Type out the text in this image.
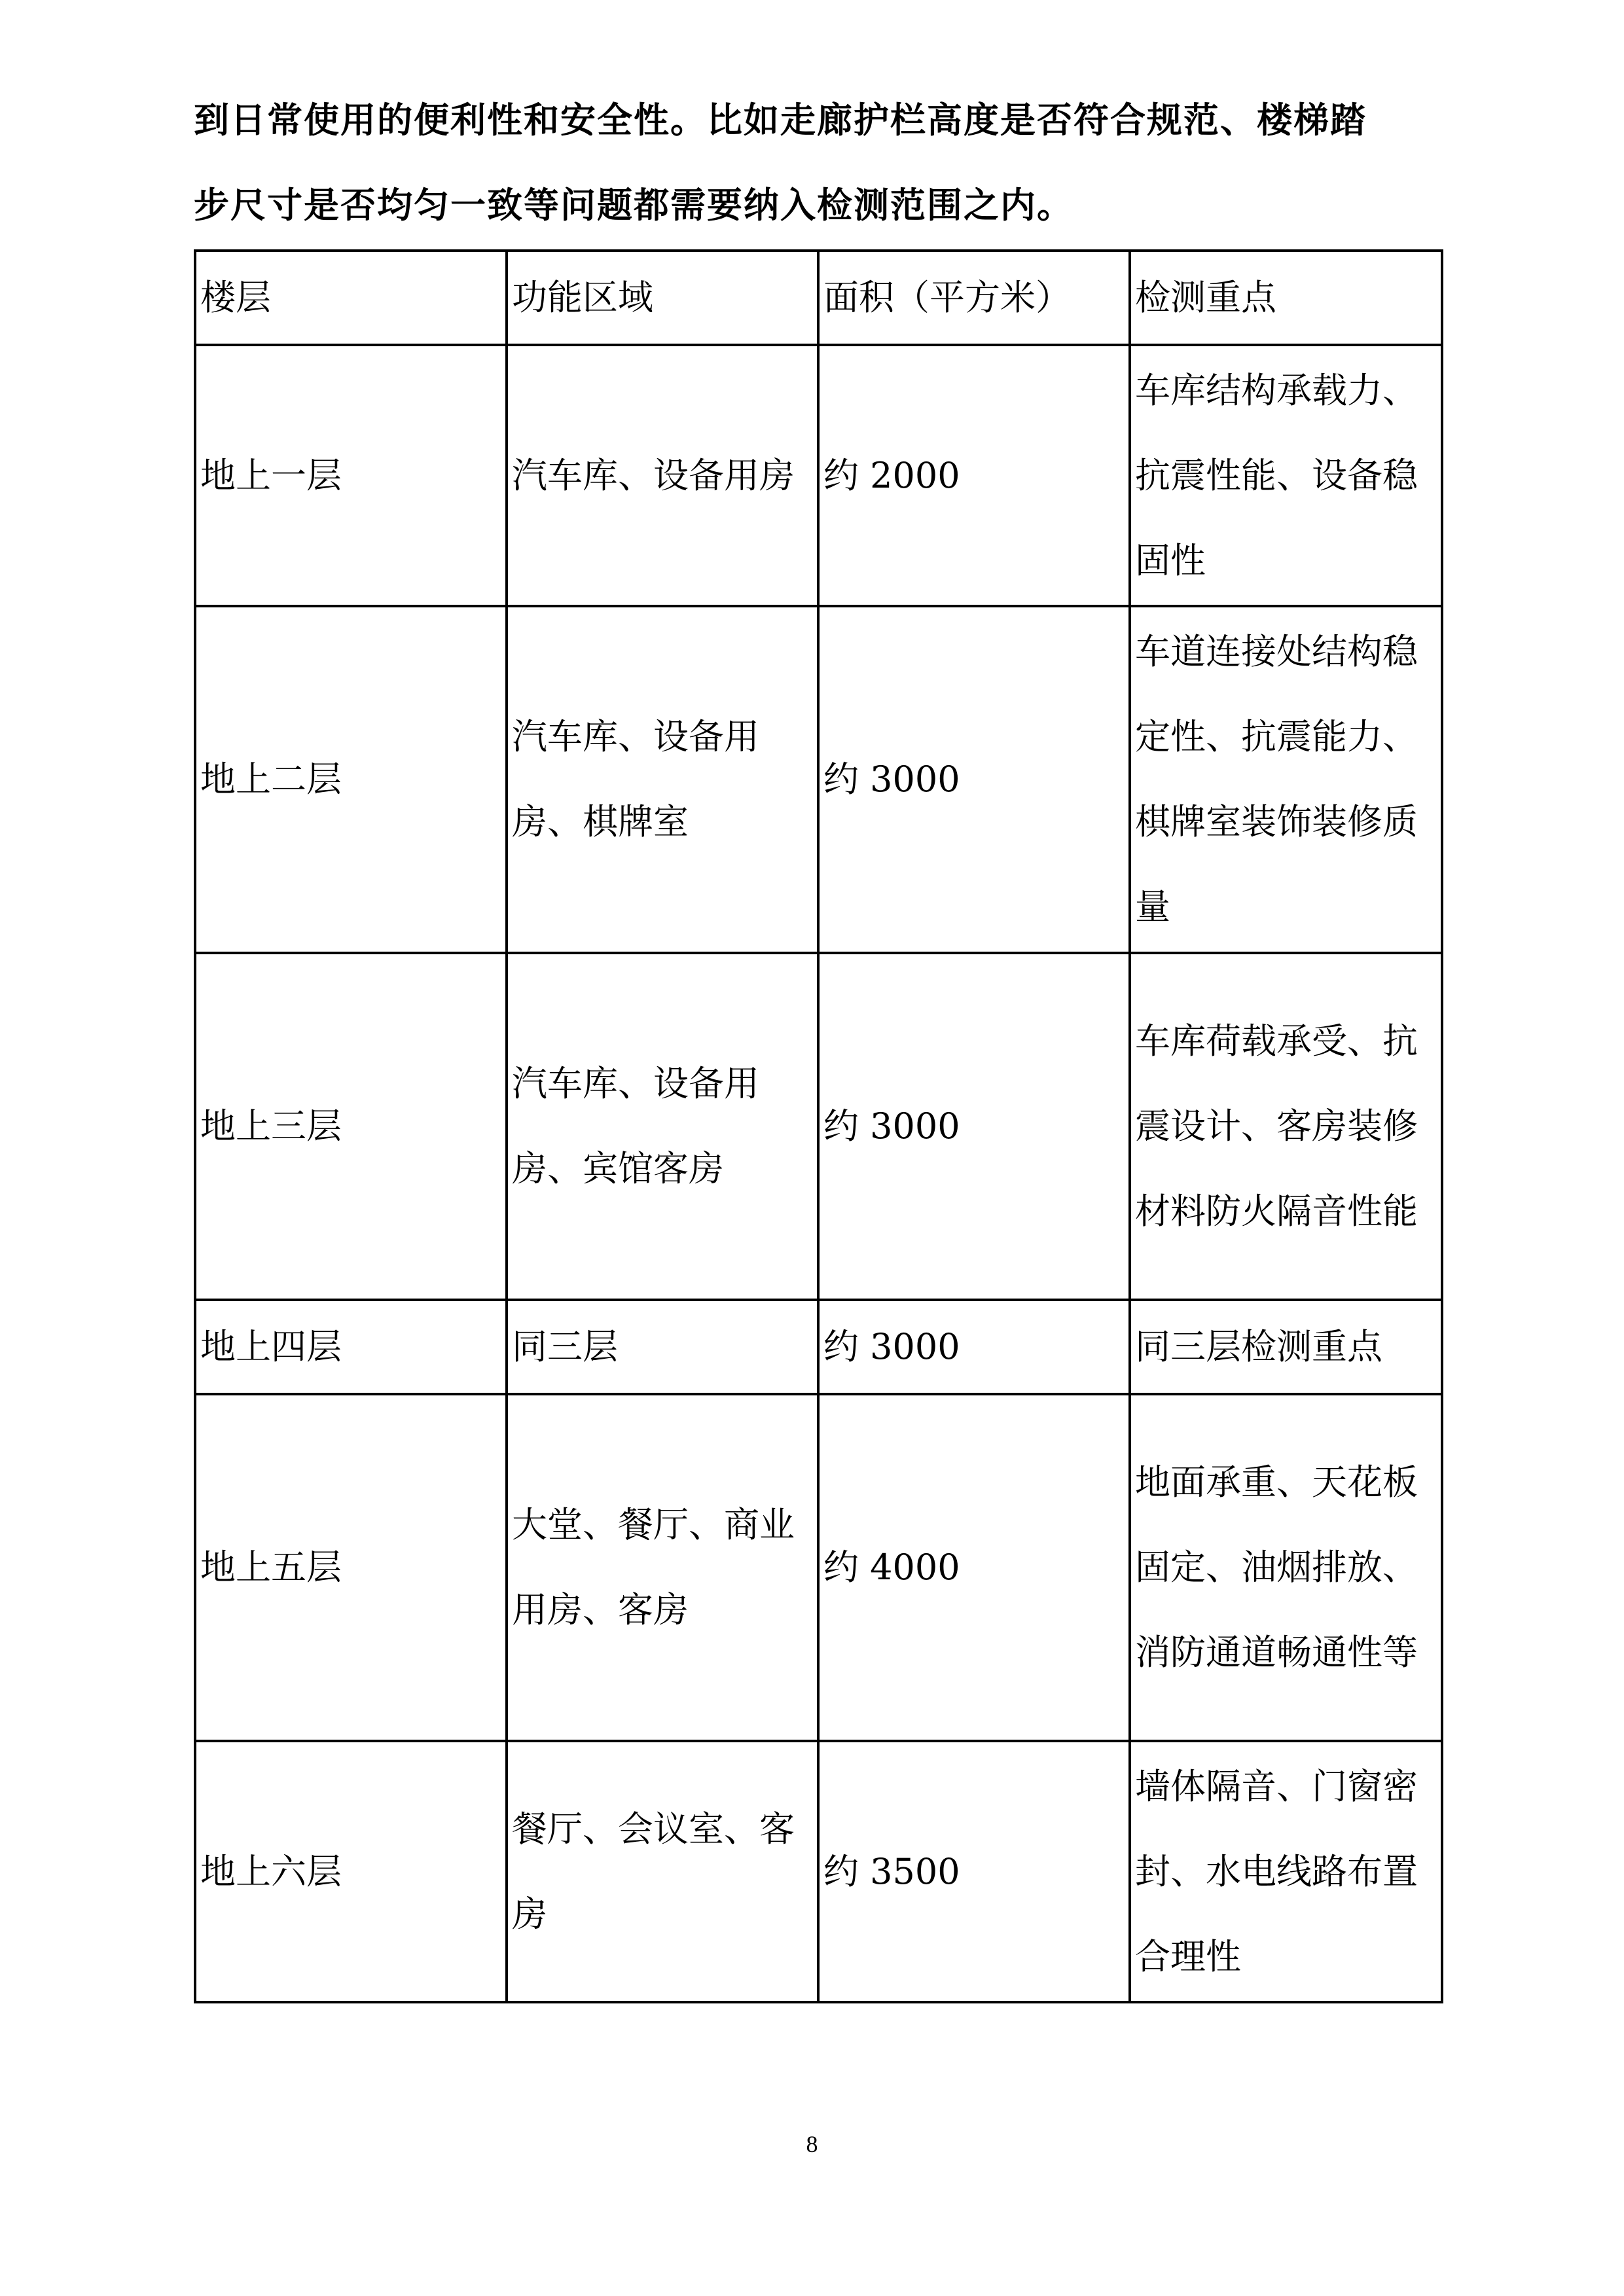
到日常使用的便利性和安全性。比如走廊护栏高度是否符合规范、楼梯踏

步尺寸是否均匀一致等问题都需要纳入检测范围之内。

楼层	功能区域	面积（平方米）	检测重点
地上一层	汽车库、设备用房	约 2000	车库结构承载力、抗震性能、设备稳固性
地上二层	汽车库、设备用房、棋牌室	约 3000	车道连接处结构稳定性、抗震能力、棋牌室装饰装修质量
地上三层	汽车库、设备用房、宾馆客房	约 3000	车库荷载承受、抗震设计、客房装修材料防火隔音性能
地上四层	同三层	约 3000	同三层检测重点
地上五层	大堂、餐厅、商业用房、客房	约 4000	地面承重、天花板固定、油烟排放、消防通道畅通性等
地上六层	餐厅、会议室、客房	约 3500	墙体隔音、门窗密封、水电线路布置合理性
8
